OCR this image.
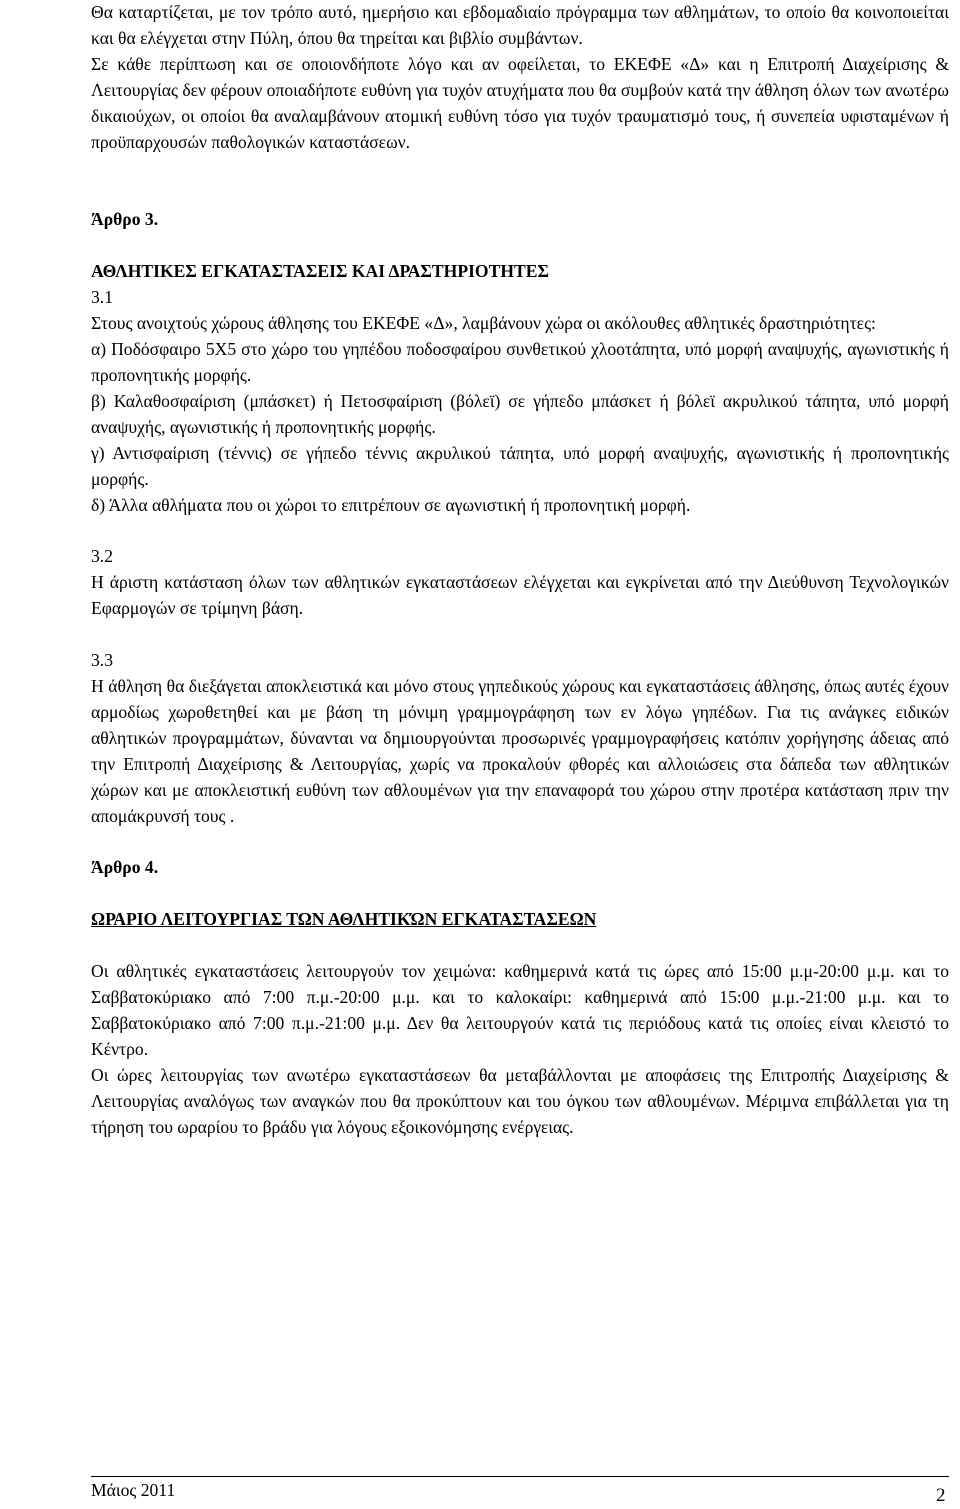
Θα καταρτίζεται, με τον τρόπο αυτό, ημερήσιο και εβδομαδιαίο πρόγραμμα των αθλημάτων, το οποίο θα κοινοποιείται και θα ελέγχεται στην Πύλη, όπου θα τηρείται και βιβλίο συμβάντων.

Σε κάθε περίπτωση και σε οποιονδήποτε λόγο και αν οφείλεται, το ΕΚΕΦΕ «Δ» και η Επιτροπή Διαχείρισης & Λειτουργίας δεν φέρουν οποιαδήποτε ευθύνη για τυχόν ατυχήματα που θα συμβούν κατά την άθληση όλων των ανωτέρω δικαιούχων, οι οποίοι θα αναλαμβάνουν ατομική ευθύνη τόσο για τυχόν τραυματισμό τους, ή συνεπεία υφισταμένων ή προϋπαρχουσών παθολογικών καταστάσεων.

Άρθρο 3.

ΑΘΛΗΤΙΚΕΣ ΕΓΚΑΤΑΣΤΑΣΕΙΣ ΚΑΙ ΔΡΑΣΤΗΡΙΟΤΗΤΕΣ

3.1

Στους ανοιχτούς χώρους άθλησης του ΕΚΕΦΕ «Δ», λαμβάνουν χώρα οι ακόλουθες αθλητικές δραστηριότητες:

α) Ποδόσφαιρο 5Χ5 στο χώρο του γηπέδου ποδοσφαίρου συνθετικού χλοοτάπητα, υπό μορφή αναψυχής, αγωνιστικής ή προπονητικής μορφής.

β) Καλαθοσφαίριση (μπάσκετ) ή Πετοσφαίριση (βόλεϊ) σε γήπεδο μπάσκετ ή βόλεϊ ακρυλικού τάπητα, υπό μορφή αναψυχής, αγωνιστικής ή προπονητικής μορφής.

γ) Αντισφαίριση (τέννις) σε γήπεδο τέννις ακρυλικού τάπητα, υπό μορφή αναψυχής, αγωνιστικής ή προπονητικής μορφής.

δ) Άλλα αθλήματα που οι χώροι το επιτρέπουν σε αγωνιστική ή προπονητική μορφή.

3.2

Η άριστη κατάσταση όλων των αθλητικών εγκαταστάσεων ελέγχεται και εγκρίνεται από την Διεύθυνση Τεχνολογικών Εφαρμογών σε τρίμηνη βάση.

3.3

Η άθληση θα διεξάγεται αποκλειστικά και μόνο στους γηπεδικούς χώρους και εγκαταστάσεις άθλησης, όπως αυτές έχουν αρμοδίως χωροθετηθεί και με βάση τη μόνιμη γραμμογράφηση των εν λόγω γηπέδων. Για τις ανάγκες ειδικών αθλητικών προγραμμάτων, δύνανται να δημιουργούνται προσωρινές γραμμογραφήσεις κατόπιν χορήγησης άδειας από την Επιτροπή Διαχείρισης & Λειτουργίας, χωρίς να προκαλούν φθορές και αλλοιώσεις στα δάπεδα των αθλητικών χώρων και με αποκλειστική ευθύνη των αθλουμένων για την επαναφορά του χώρου στην προτέρα κατάσταση πριν την απομάκρυνσή τους .

Άρθρο 4.

ΩΡΑΡΙΟ ΛΕΙΤΟΥΡΓΙΑΣ ΤΩΝ ΑΘΛΗΤΙΚΏΝ ΕΓΚΑΤΑΣΤΑΣΕΩΝ

Οι αθλητικές εγκαταστάσεις λειτουργούν τον χειμώνα: καθημερινά κατά τις ώρες από 15:00 μ.μ-20:00 μ.μ. και το Σαββατοκύριακο από 7:00 π.μ.-20:00 μ.μ. και το καλοκαίρι: καθημερινά από 15:00 μ.μ.-21:00 μ.μ. και το Σαββατοκύριακο από 7:00 π.μ.-21:00 μ.μ. Δεν θα λειτουργούν κατά τις περιόδους κατά τις οποίες είναι κλειστό το Κέντρο.

Οι ώρες λειτουργίας των ανωτέρω εγκαταστάσεων θα μεταβάλλονται με αποφάσεις της Επιτροπής Διαχείρισης & Λειτουργίας αναλόγως των αναγκών που θα προκύπτουν και του όγκου των αθλουμένων. Μέριμνα επιβάλλεται για τη τήρηση του ωραρίου το βράδυ για λόγους εξοικονόμησης ενέργειας.

Μάιος 2011	2
